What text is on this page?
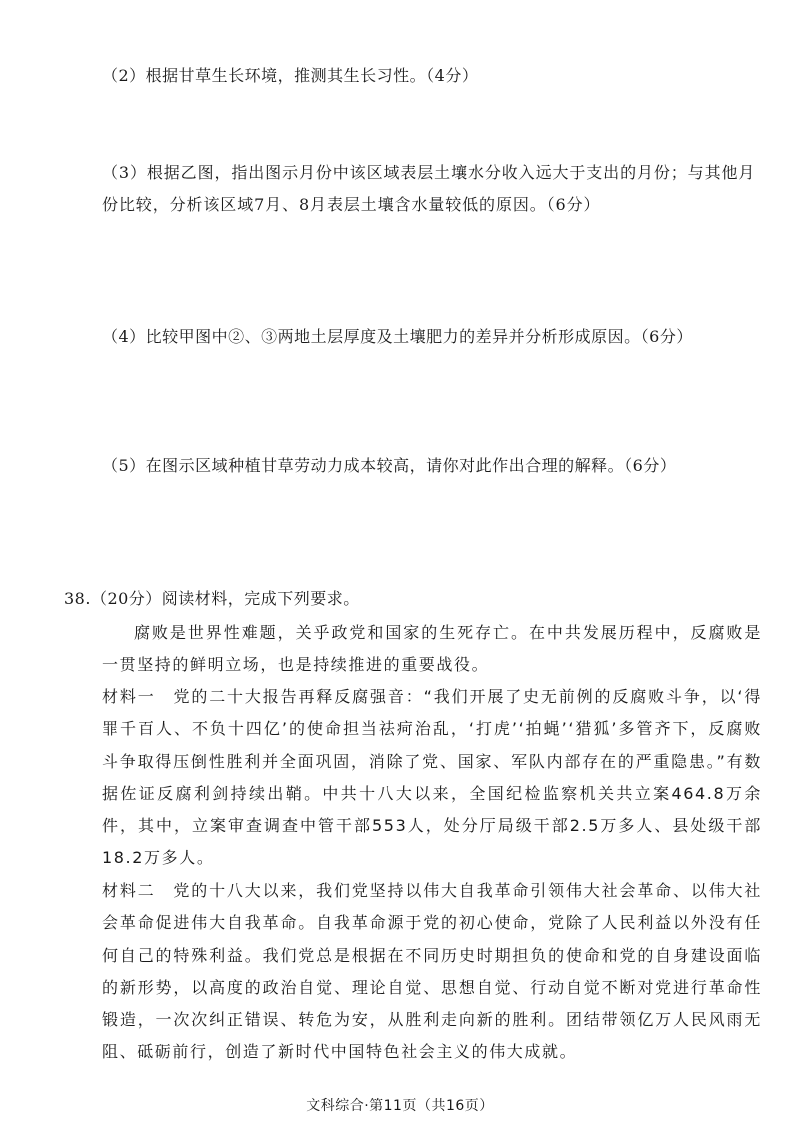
（2）根据甘草生长环境，推测其生长习性。（4分）

（3）根据乙图，指出图示月份中该区域表层土壤水分收入远大于支出的月份；与其他月份比较，分析该区域7月、8月表层土壤含水量较低的原因。（6分）

（4）比较甲图中②、③两地土层厚度及土壤肥力的差异并分析形成原因。（6分）

（5）在图示区域种植甘草劳动力成本较高，请你对此作出合理的解释。（6分）

38.（20分）阅读材料，完成下列要求。

腐败是世界性难题，关乎政党和国家的生死存亡。在中共发展历程中，反腐败是一贯坚持的鲜明立场，也是持续推进的重要战役。

材料一　党的二十大报告再释反腐强音：“我们开展了史无前例的反腐败斗争，以‘得罪千百人、不负十四亿’的使命担当祛疴治乱，‘打虎’‘拍蝇’‘猎狐’多管齐下，反腐败斗争取得压倒性胜利并全面巩固，消除了党、国家、军队内部存在的严重隐患。”有数据佐证反腐利剑持续出鞘。中共十八大以来，全国纪检监察机关共立案464.8万余件，其中，立案审查调查中管干部553人，处分厅局级干部2.5万多人、县处级干部18.2万多人。

材料二　党的十八大以来，我们党坚持以伟大自我革命引领伟大社会革命、以伟大社会革命促进伟大自我革命。自我革命源于党的初心使命，党除了人民利益以外没有任何自己的特殊利益。我们党总是根据在不同历史时期担负的使命和党的自身建设面临的新形势，以高度的政治自觉、理论自觉、思想自觉、行动自觉不断对党进行革命性锻造，一次次纠正错误、转危为安，从胜利走向新的胜利。团结带领亿万人民风雨无阻、砥砺前行，创造了新时代中国特色社会主义的伟大成就。

文科综合·第11页（共16页）
